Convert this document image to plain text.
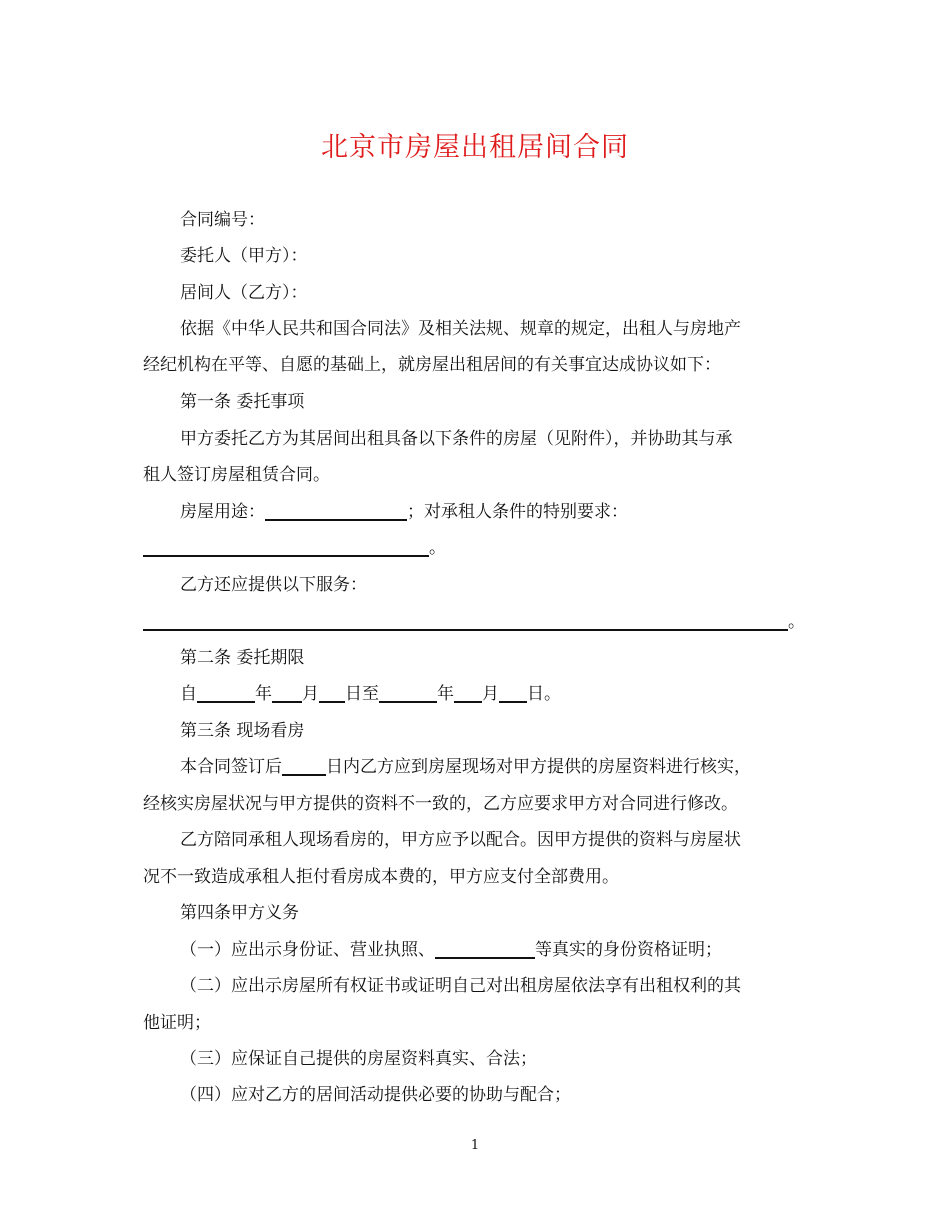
北京市房屋出租居间合同
合同编号：
委托人（甲方）：
居间人（乙方）：
依据《中华人民共和国合同法》及相关法规、规章的规定，出租人与房地产
经纪机构在平等、自愿的基础上，就房屋出租居间的有关事宜达成协议如下：
第一条 委托事项
甲方委托乙方为其居间出租具备以下条件的房屋（见附件），并协助其与承
租人签订房屋租赁合同。
房屋用途：	；对承租人条件的特别要求：
。
乙方还应提供以下服务：
。
第二条 委托期限
自	年 月 日至	年 月 日。
第三条 现场看房
本合同签订后	日内乙方应到房屋现场对甲方提供的房屋资料进行核实，
经核实房屋状况与甲方提供的资料不一致的，乙方应要求甲方对合同进行修改。
乙方陪同承租人现场看房的，甲方应予以配合。因甲方提供的资料与房屋状
况不一致造成承租人拒付看房成本费的，甲方应支付全部费用。
第四条甲方义务
（一）应出示身份证、营业执照、	等真实的身份资格证明；
（二）应出示房屋所有权证书或证明自己对出租房屋依法享有出租权利的其
他证明；
（三）应保证自己提供的房屋资料真实、合法；
（四）应对乙方的居间活动提供必要的协助与配合；
1
